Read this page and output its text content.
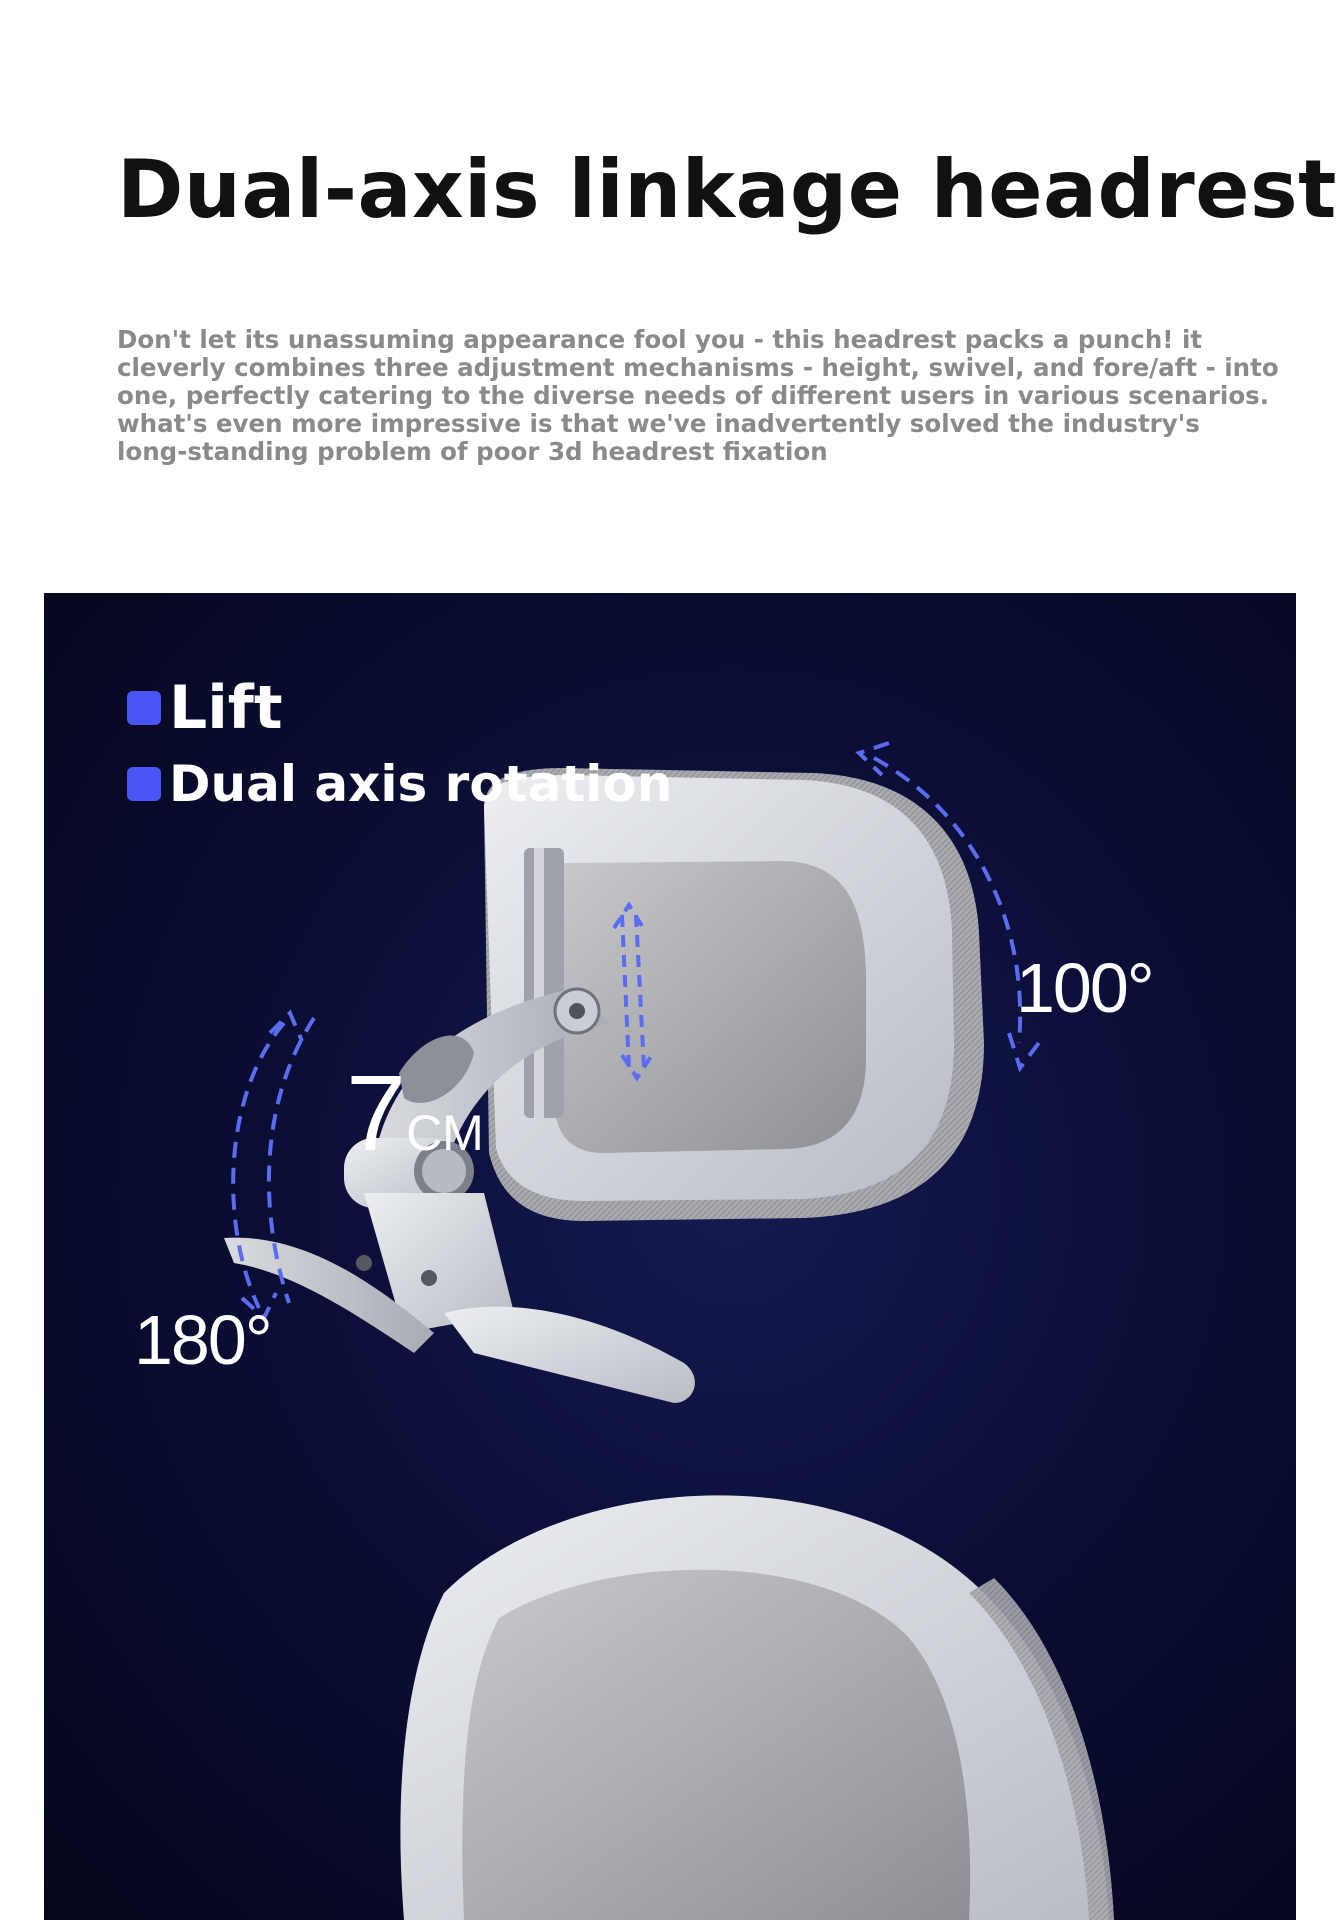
Dual-axis linkage headrest
Don't let its unassuming appearance fool you - this headrest packs a punch! it
cleverly combines three adjustment mechanisms - height, swivel, and fore/aft - into
one, perfectly catering to the diverse needs of different users in various scenarios.
what's even more impressive is that we've inadvertently solved the industry's
long-standing problem of poor 3d headrest fixation
Lift
Dual axis rotation
100°
180°
7CM
